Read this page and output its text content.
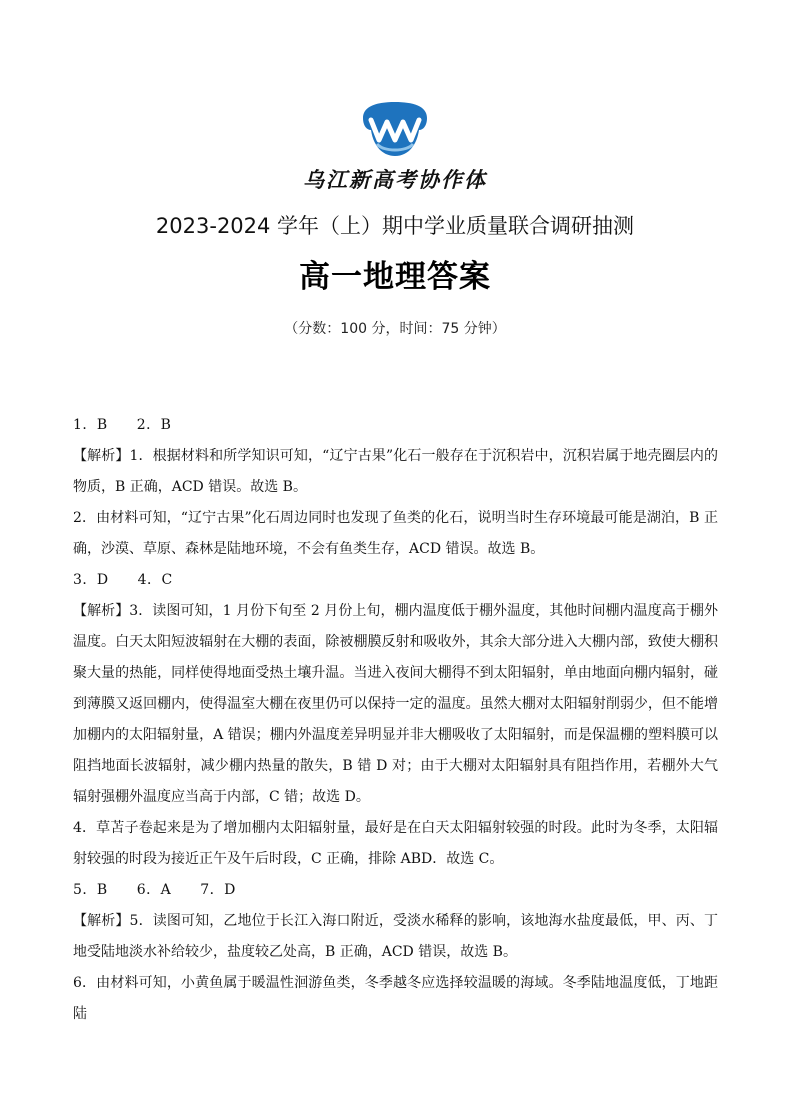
乌江新高考协作体
2023-2024 学年（上）期中学业质量联合调研抽测
高一地理答案
（分数：100 分，时间：75 分钟）

1．B　　2．B

【解析】1．根据材料和所学知识可知，“辽宁古果”化石一般存在于沉积岩中，沉积岩属于地壳圈层内的物质，B 正确，ACD 错误。故选 B。

2．由材料可知，“辽宁古果”化石周边同时也发现了鱼类的化石，说明当时生存环境最可能是湖泊，B 正确，沙漠、草原、森林是陆地环境，不会有鱼类生存，ACD 错误。故选 B。

3．D　　4．C

【解析】3．读图可知，1 月份下旬至 2 月份上旬，棚内温度低于棚外温度，其他时间棚内温度高于棚外温度。白天太阳短波辐射在大棚的表面，除被棚膜反射和吸收外，其余大部分进入大棚内部，致使大棚积聚大量的热能，同样使得地面受热土壤升温。当进入夜间大棚得不到太阳辐射，单由地面向棚内辐射，碰到薄膜又返回棚内，使得温室大棚在夜里仍可以保持一定的温度。虽然大棚对太阳辐射削弱少，但不能增加棚内的太阳辐射量，A 错误；棚内外温度差异明显并非大棚吸收了太阳辐射，而是保温棚的塑料膜可以阻挡地面长波辐射，减少棚内热量的散失，B 错 D 对；由于大棚对太阳辐射具有阻挡作用，若棚外大气辐射强棚外温度应当高于内部，C 错；故选 D。

4．草苫子卷起来是为了增加棚内太阳辐射量，最好是在白天太阳辐射较强的时段。此时为冬季，太阳辐射较强的时段为接近正午及午后时段，C 正确，排除 ABD．故选 C。

5．B　　6．A　　7．D

【解析】5．读图可知，乙地位于长江入海口附近，受淡水稀释的影响，该地海水盐度最低，甲、丙、丁地受陆地淡水补给较少，盐度较乙处高，B 正确，ACD 错误，故选 B。

6．由材料可知，小黄鱼属于暖温性洄游鱼类，冬季越冬应选择较温暖的海域。冬季陆地温度低，丁地距陆
